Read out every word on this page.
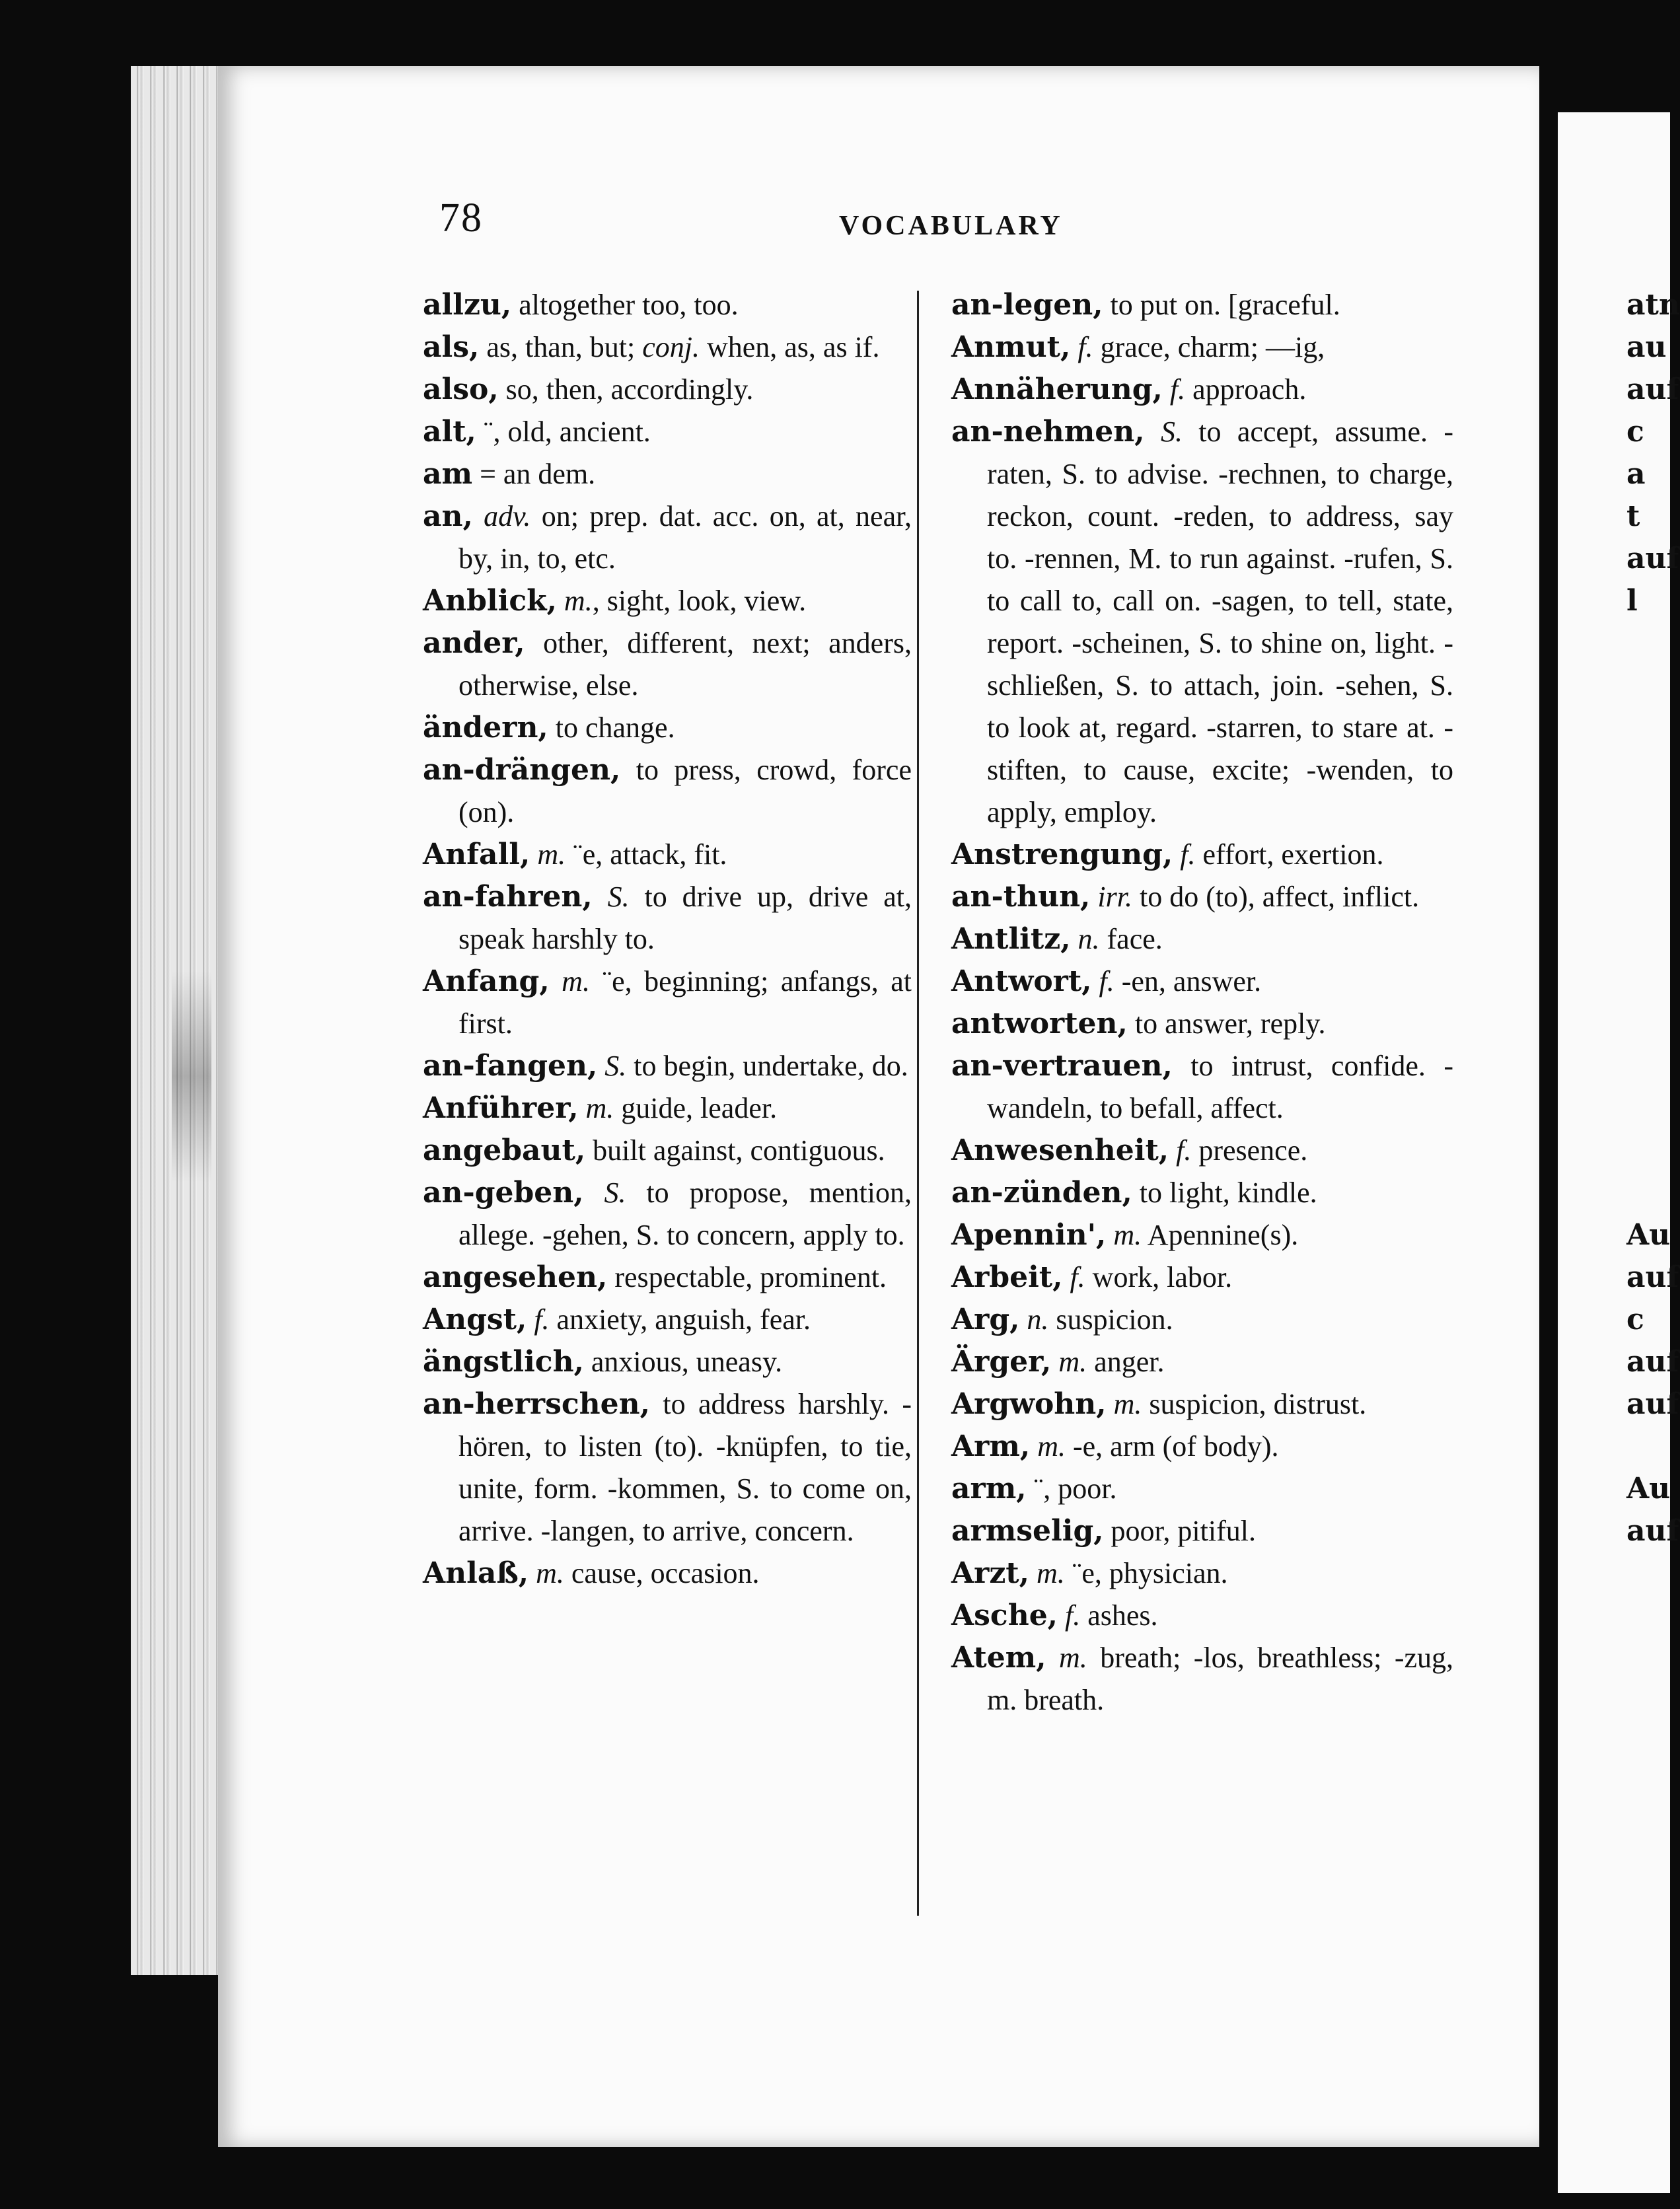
78	VOCABULARY
allzu, altogether too, too.
als, as, than, but; conj. when, as, as if.
also, so, then, accordingly.
alt, ¨, old, ancient.
am = an dem.
an, adv. on; prep. dat. acc. on, at, near, by, in, to, etc.
Anblick, m., sight, look, view.
ander, other, different, next; anders, otherwise, else.
ändern, to change.
an-drängen, to press, crowd, force (on).
Anfall, m. ¨e, attack, fit.
an-fahren, S. to drive up, drive at, speak harshly to.
Anfang, m. ¨e, beginning; anfangs, at first.
an-fangen, S. to begin, undertake, do.
Anführer, m. guide, leader.
angebaut, built against, contiguous.
an-geben, S. to propose, mention, allege. -gehen, S. to concern, apply to.
angesehen, respectable, prominent.
Angst, f. anxiety, anguish, fear.
ängstlich, anxious, uneasy.
an-herrschen, to address harshly. -hören, to listen (to). -knüpfen, to tie, unite, form. -kommen, S. to come on, arrive. -langen, to arrive, concern.
Anlaß, m. cause, occasion.
an-legen, to put on. [graceful.
Anmut, f. grace, charm; —ig,
Annäherung, f. approach.
an-nehmen, S. to accept, assume. -raten, S. to advise. -rechnen, to charge, reckon, count. -reden, to address, say to. -rennen, M. to run against. -rufen, S. to call to, call on. -sagen, to tell, state, report. -scheinen, S. to shine on, light. -schließen, S. to attach, join. -sehen, S. to look at, regard. -starren, to stare at. -stiften, to cause, excite; -wenden, to apply, employ.
Anstrengung, f. effort, exertion.
an-thun, irr. to do (to), affect, inflict.
Antlitz, n. face.
Antwort, f. -en, answer.
antworten, to answer, reply.
an-vertrauen, to intrust, confide. -wandeln, to befall, affect.
Anwesenheit, f. presence.
an-zünden, to light, kindle.
Apennin', m. Apennine(s).
Arbeit, f. work, labor.
Arg, n. suspicion.
Ärger, m. anger.
Argwohn, m. suspicion, distrust.
Arm, m. -e, arm (of body).
arm, ¨, poor.
armselig, poor, pitiful.
Arzt, m. ¨e, physician.
Asche, f. ashes.
Atem, m. breath; -los, breathless; -zug, m. breath.
atn
au
auf
c
a
t
auf
l

Au
auf
c
auf
auf

Au
auf
